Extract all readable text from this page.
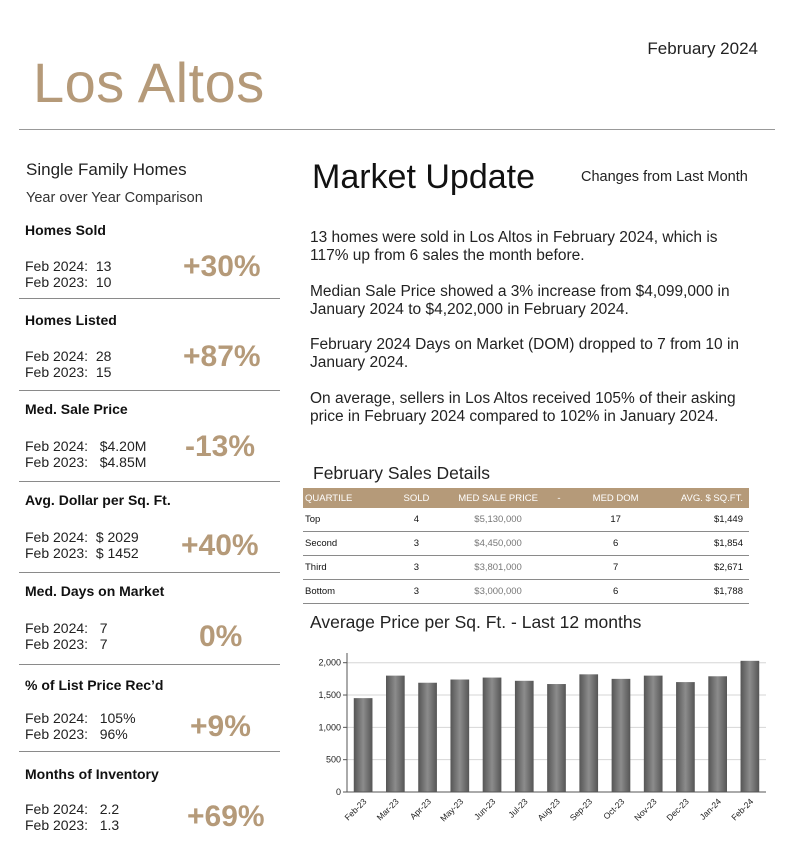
Los Altos
February 2024
Single Family Homes
Year over Year Comparison
Homes Sold
Feb 2024:  13
Feb 2023:  10 +30%
Homes Listed
Feb 2024:  28
Feb 2023:  15 +87%
Med. Sale Price
Feb 2024:   $4.20M
Feb 2023:   $4.85M -13%
Avg. Dollar per Sq. Ft.
Feb 2024:  $ 2029
Feb 2023:  $ 1452 +40%
Med. Days on Market
Feb 2024:   7
Feb 2023:   7	0%
% of List Price Rec’d
Feb 2024:   105%
Feb 2023:   96% +9%
Months of Inventory
Feb 2024:   2.2
Feb 2023:   1.3 +69%
Market Update	Changes from Last Month
13 homes were sold in Los Altos in February 2024, which is 117% up from 6 sales the month before.
Median Sale Price showed a 3% increase from $4,099,000 in January 2024 to $4,202,000 in February 2024.
February 2024 Days on Market (DOM) dropped to 7 from 10 in January 2024.
On average, sellers in Los Altos received 105% of their asking price in February 2024 compared to 102% in January 2024.
February Sales Details
QUARTILE	SOLD	MED SALE PRICE	-	MED DOM	AVG. $ SQ.FT.
Top	4	$5,130,000		17	$1,449
Second	3	$4,450,000		6	$1,854
Third	3	$3,801,000		7	$2,671
Bottom	3	$3,000,000		6	$1,788
Average Price per Sq. Ft. - Last 12 months
0
500
1,000
1,500
2,000
Feb-23 Mar-23 Apr-23 May-23 Jun-23 Jul-23 Aug-23 Sep-23 Oct-23 Nov-23 Dec-23 Jan-24 Feb-24
